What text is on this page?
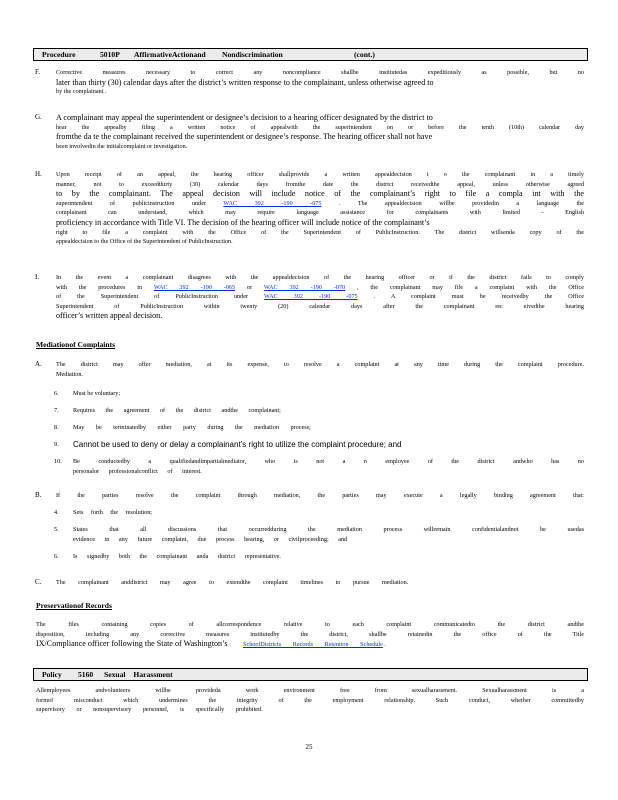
Procedure	5010P AffirmativeActionand Nondiscrimination	(cont.)
F.	Corrective measures necessary to correct any noncompliance shallbe institutedas expeditiously as possible, but no
later than thirty (30) calendar days after the district’s written response to the complainant, unless otherwise agreed to
by the complainant .
G. A complainant may appeal the superintendent or designee’s decision to a hearing officer designated by the district to
hear the appealby filing a written notice of appealwith the superintendent on or before the tenth (10th) calendar day
fromthe da te the complainant received the superintendent or designee’s response. The hearing officer shall not have
been involvedin the initialcomplaint or investigation.
H. Upon receipt of an appeal, the hearing officer shallprovide a written appealdecision t o the complainant in a timely
manner, not to exceedthirty (30) calendar days fromthe date the district receivedthe appeal, unless otherwise agreed
to by the complainant. The appeal decision will include notice of the complainant’s right to file a compla int with the
superintendent of publicinstruction under	WAC 392 -190 -075	. The appealdecision willbe providedin a language the
complainant can understand, which may require language assistance for complainants with limited - English
proficiency in accordance with Title VI. The decision of the hearing officer will include notice of the complainant’s
right to file a complaint with the Office of the Superintendent of PublicInstruction. The district willsenda copy of the
appealdecision to the Office of the Superintendent of PublicInstruction.
I.	In the event a complainant disagrees with the appealdecision of the hearing officer or if the district fails to comply
with the procedures in WAC 392 -190 -065 or WAC 392 -190 -070 , the complainant may file a complaint with the Office
of the Superintendent of PublicInstruction under	WAC 392 -190 -075	. A complaint must be receivedby the Office
Superintendent of PublicInstruction within twenty (20) calendar days after the complainant rec eivedthe hearing
officer’s written appeal decision.
Mediationof Complaints
A. The district may offer mediation, at its expense, to resolve a complaint at any time during the complaint procedure.
Mediation.
6. Must be voluntary;
7. Requires the agreement of the district andthe complainant;
8. May be terminatedby either party during the mediation process;
9. Cannot be used to deny or delay a complainant’s right to utilize the complaint procedure; and
10. Be conductedby a qualifiedandimpartialmediator, who is not a n employee of the district andwho has no
personalor professionalconflict of interest.
B. If the parties resolve the complaint through mediation, the parties may execute a legally binding agreement that:
4. Sets forth the resolution;
5. States that all discussions that occurredduring the mediation process willremain confidentialandnot be usedas
evidence in any future complaint, due process hearing, or civilproceeding; and
6. Is signedby both the complainant anda district representative.
C. The complainant anddistrict may agree to extendthe complaint timelines to pursue mediation.
Preservationof Records
The files containing copies of allcorrespondence relative to each complaint communicatedto the district andthe
disposition, including any corrective measures institutedby the district, shallbe retainedin the office of the Title
IX/Compliance officer following the State of Washington’s	SchoolDistricts Records Retention Schedule .
Policy 5160 Sexual Harassment
Allemployees andvolunteers willbe provideda work environment free from sexualharassment. Sexualharassment is a
formof misconduct which undermines the integrity of the employment relationship. Such conduct, whether committedby
supervisory or nonsupervisory personnel, is specifically prohibited.
25
